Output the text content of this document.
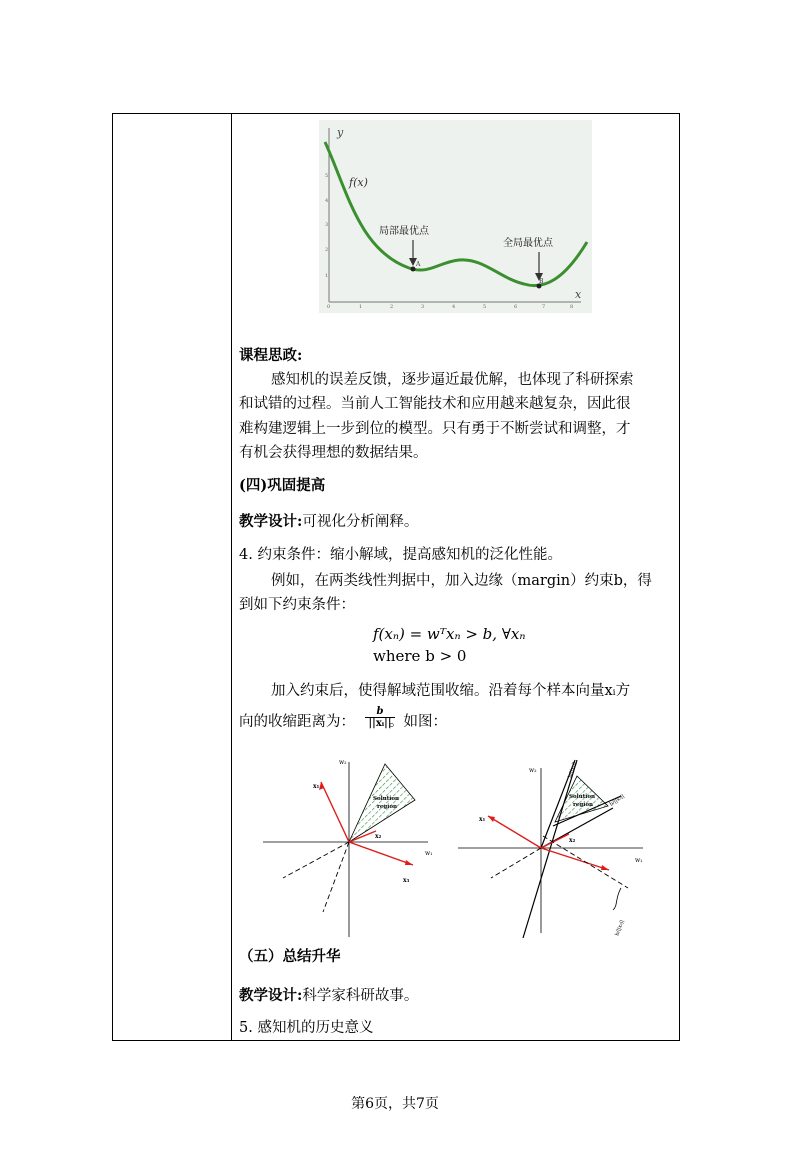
y
x
0	1	2	3	4	5	6	7	8
1
2
3
4
5 f(x)
局部最优点
A
全局最优点
B
课程思政:
感知机的误差反馈，逐步逼近最优解，也体现了科研探索
和试错的过程。当前人工智能技术和应用越来越复杂，因此很
难构建逻辑上一步到位的模型。只有勇于不断尝试和调整，才
有机会获得理想的数据结果。
(四)巩固提高
教学设计:可视化分析阐释。
4. 约束条件：缩小解域，提高感知机的泛化性能。
例如，在两类线性判据中，加入边缘（margin）约束b，得
到如下约束条件：
f(xₙ) = wᵀxₙ > b, ∀xₙ
where b > 0
加入约束后，使得解域范围收缩。沿着每个样本向量xᵢ方
向的收缩距离为： 。如图：
$\frac{b}{\text{||xᵢ||}}$
w₁
w₂
Solution
region
x₁
x₂
x₃
w₁
w₂
Solution
region
b/||x₁||
b/||x₂||
x₁
x₂
b/||x₃||
（五）总结升华
教学设计:科学家科研故事。
5. 感知机的历史意义
第6页，共7页
